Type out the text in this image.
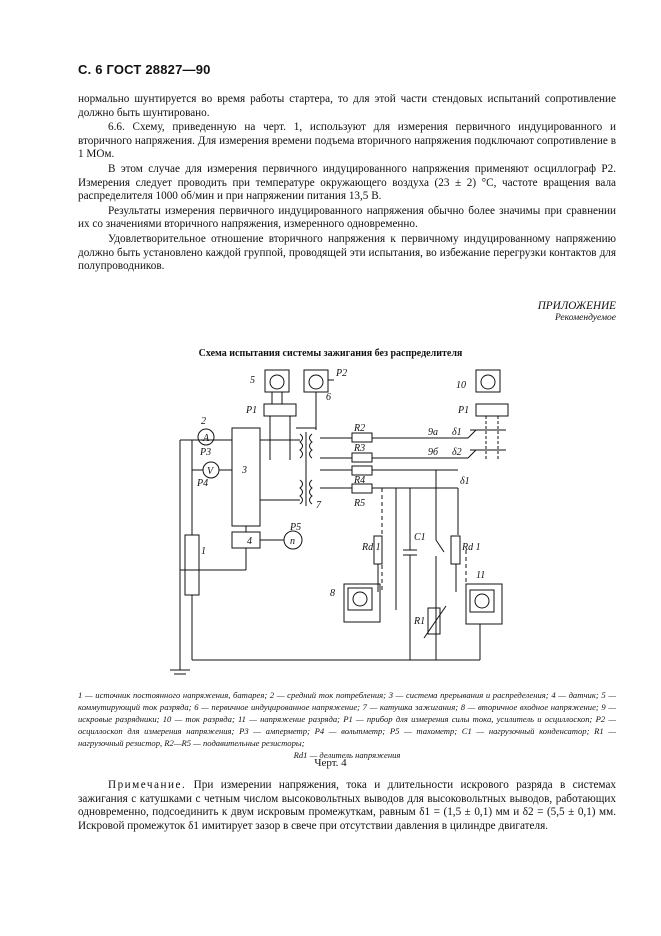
С. 6 ГОСТ 28827—90

нормально шунтируется во время работы стартера, то для этой части стендовых испытаний сопротивление должно быть шунтировано.

6.6. Схему, приведенную на черт. 1, используют для измерения первичного индуцированного и вторичного напряжения. Для измерения времени подъема вторичного напряжения подключают сопротивление в 1 МОм.

В этом случае для измерения первичного индуцированного напряжения применяют осциллограф P2. Измерения следует проводить при температуре окружающего воздуха (23 ± 2) °С, частоте вращения вала распределителя 1000 об/мин и при напряжении питания 13,5 В.

Результаты измерения первичного индуцированного напряжения обычно более значимы при сравнении их со значениями вторичного напряжения, измеренного одновременно.

Удовлетворительное отношение вторичного напряжения к первичному индуцированному напряжению должно быть установлено каждой группой, проводящей эти испытания, во избежание перегрузки контактов для полупроводников.

ПРИЛОЖЕНИЕ
Рекомендуемое
Схема испытания системы зажигания без распределителя
5
6
P2
P1
2
A
P3
V
P4
3
4
P5
n
1
7
R2
R3
R4
R5
Rd 1
C1
Rd 1
R1
8
11
10
P1
9а δ1
9б δ2
δ1
1 — источник постоянного напряжения, батарея; 2 — средний ток потребления; 3 — система прерывания и распределения; 4 — датчик; 5 — коммутирующий ток разряда; 6 — первичное индуцированное напряжение; 7 — катушка зажигания; 8 — вторичное входное напряжение; 9 — искровые разрядники; 10 — ток разряда; 11 — напряжение разряда; P1 — прибор для измерения силы тока, усилитель и осциллоскоп; P2 — осциллоскоп для измерения напряжения; P3 — амперметр; P4 — вольтметр; P5 — тахометр; C1 — нагрузочный конденсатор; R1 — нагрузочный резистор, R2—R5 — подавительные резисторы;
Rd1 — делитель напряжения
Черт. 4
Примечание. При измерении напряжения, тока и длительности искрового разряда в системах зажигания с катушками с четным числом высоковольтных выводов для высоковольтных выводов, работающих одновременно, подсоединить к двум искровым промежуткам, равным δ1 = (1,5 ± 0,1) мм и δ2 = (5,5 ± 0,1) мм. Искровой промежуток δ1 имитирует зазор в свече при отсутствии давления в цилиндре двигателя.
